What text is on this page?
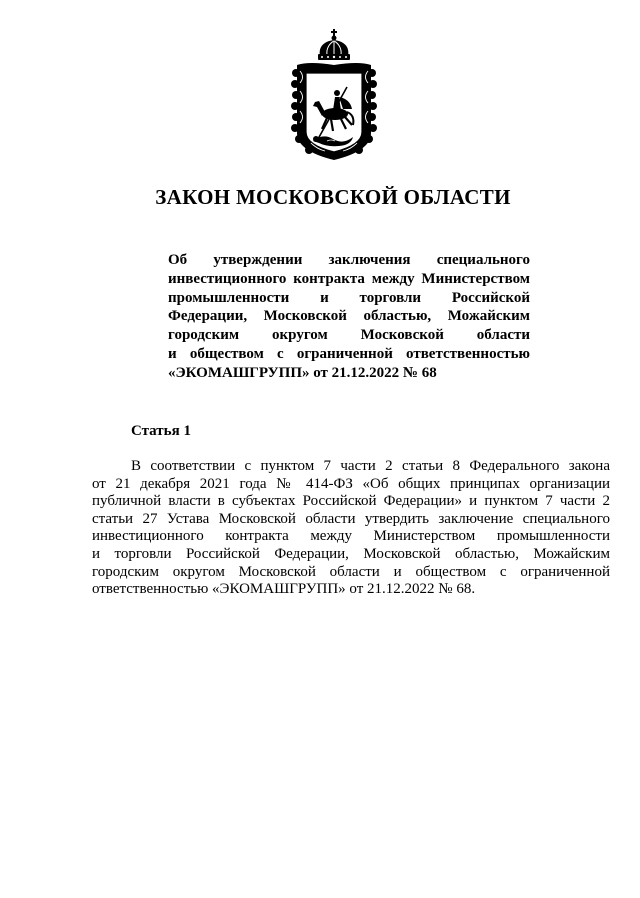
ЗАКОН МОСКОВСКОЙ ОБЛАСТИ
Об утверждении заключения специального
инвестиционного контракта между Министерством
промышленности и торговли Российской
Федерации, Московской областью, Можайским
городским округом Московской области
и обществом с ограниченной ответственностью
«ЭКОМАШГРУПП» от 21.12.2022 № 68
Статья 1
В соответствии с пунктом 7 части 2 статьи 8 Федерального закона
от 21 декабря 2021 года № 414-ФЗ «Об общих принципах организации
публичной власти в субъектах Российской Федерации» и пунктом 7 части 2
статьи 27 Устава Московской области утвердить заключение специального
инвестиционного контракта между Министерством промышленности
и торговли Российской Федерации, Московской областью, Можайским
городским округом Московской области и обществом с ограниченной
ответственностью «ЭКОМАШГРУПП» от 21.12.2022 № 68.
